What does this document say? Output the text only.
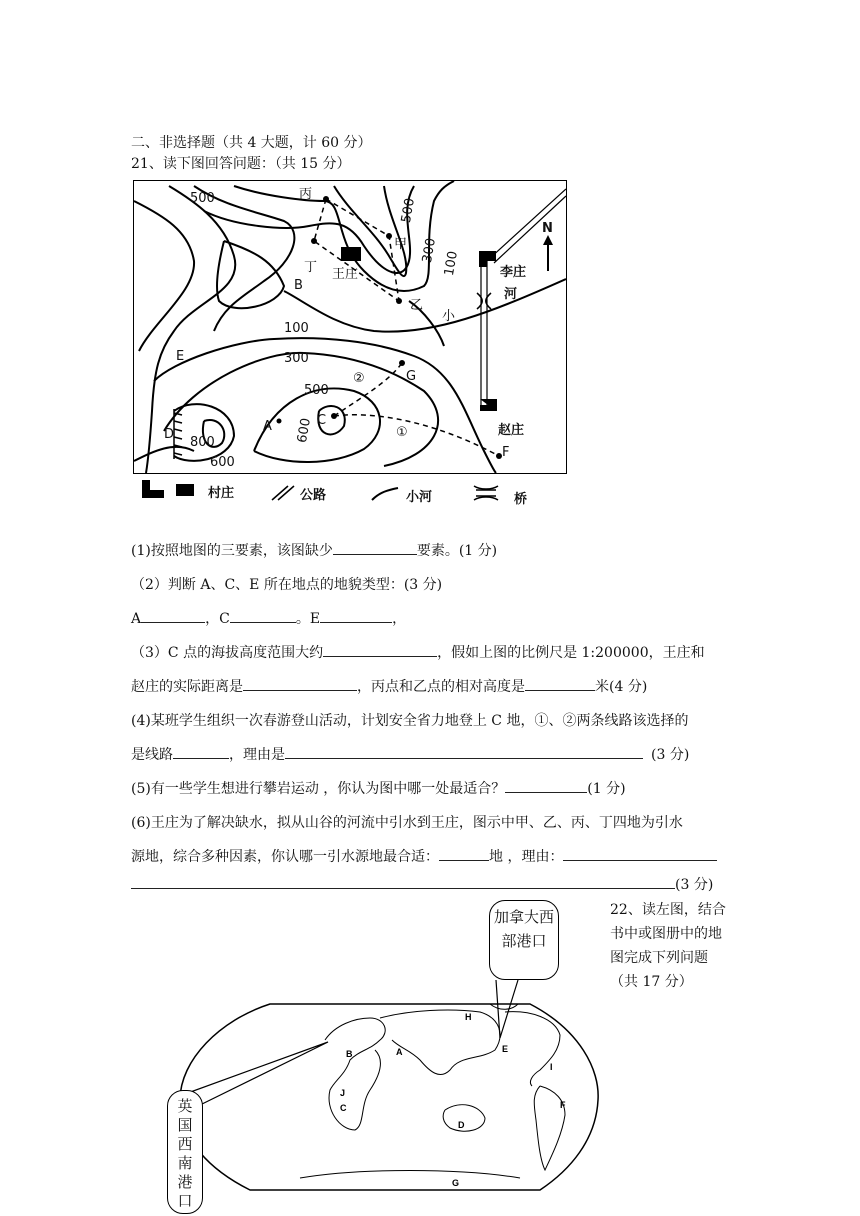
二、非选择题（共 4 大题，计 60 分）
21、读下图回答问题：（共 15 分）
500	500
300 100
100
300
500
600
800
600
丙
甲
丁 王庄
乙
B
E
A	C
D
G
F
①
②
李庄
河
小
赵庄
N
村庄	公路	小河	桥
(1)按照地图的三要素，该图缺少	要素。(1 分)
（2）判断 A、C、E 所在地点的地貌类型：(3 分)
A	，C	。E	，
（3）C 点的海拔高度范围大约	，假如上图的比例尺是 1:200000，王庄和
赵庄的实际距离是	，丙点和乙点的相对高度是	米(4 分)
(4)某班学生组织一次春游登山活动，计划安全省力地登上 C 地，①、②两条线路该选择的
是线路	，理由是	(3 分)
(5)有一些学生想进行攀岩运动 ，你认为图中哪一处最适合？	(1 分)
(6)王庄为了解决缺水，拟从山谷的河流中引水到王庄，图示中甲、乙、丙、丁四地为引水
源地，综合多种因素，你认哪一引水源地最合适：	地 ，理由：
(3 分)
22、读左图，结合书中或图册中的地图完成下列问题（共 17 分）
H
B	A	E
I
J
C
D
F
G
加拿大西部港口
英
国
西
南
港
口
